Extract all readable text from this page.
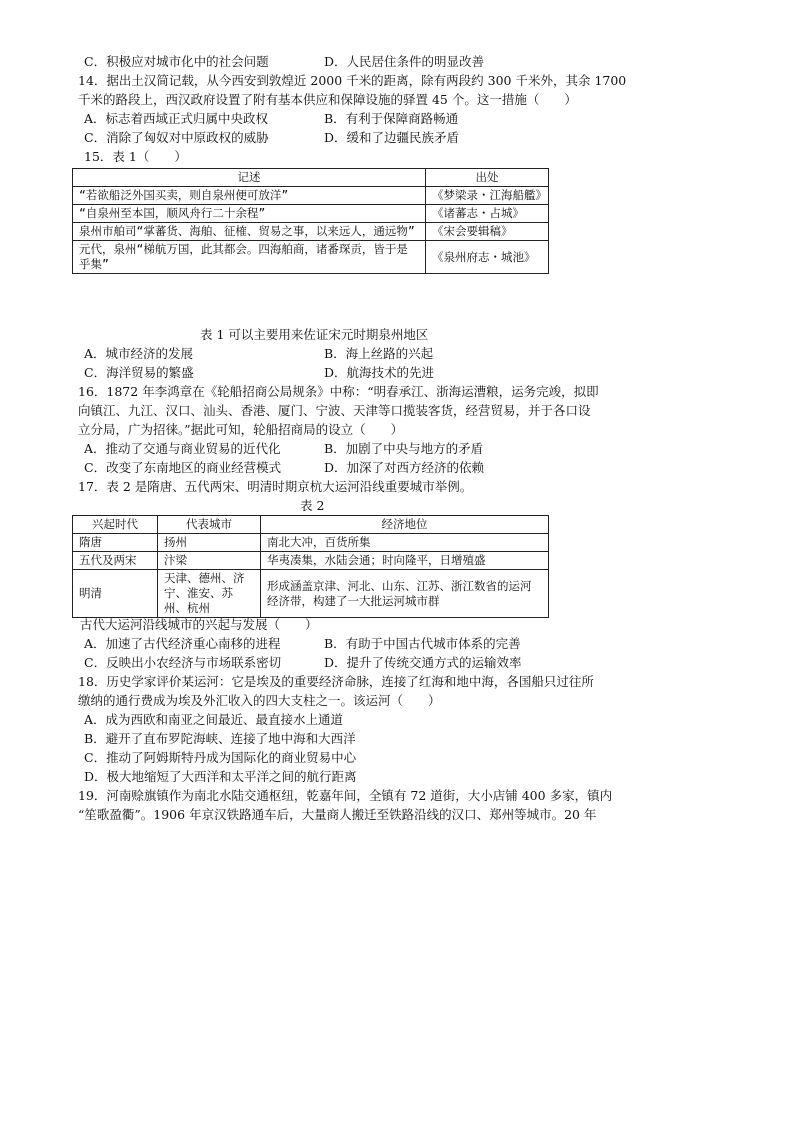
C．积极应对城市化中的社会问题	D．人民居住条件的明显改善
14．据出土汉简记载，从今西安到敦煌近 2000 千米的距离，除有两段约 300 千米外，其余 1700
千米的路段上，西汉政府设置了附有基本供应和保障设施的驿置 45 个。这一措施（　　）
A．标志着西域正式归属中央政权	B．有利于保障商路畅通
C．消除了匈奴对中原政权的威胁	D．缓和了边疆民族矛盾
15．表 1（　　）
记述	出处
“若欲船泛外国买卖，则自泉州便可放洋”	《梦梁录・江海船艦》
“自泉州至本国，顺风舟行二十余程”	《诸蕃志・占城》
泉州市舶司“掌蕃货、海舶、征榷、贸易之事，以来远人，通远物”	《宋会要辑稿》
元代，泉州“梯航万国，此其都会。四海舶商，诸番琛贡，皆于是乎集”	《泉州府志・城池》
表 1 可以主要用来佐证宋元时期泉州地区
A．城市经济的发展	B．海上丝路的兴起
C．海洋贸易的繁盛	D．航海技术的先进
16．1872 年李鸿章在《轮船招商公局规条》中称：“明春承江、浙海运漕粮，运务完竣，拟即
向镇江、九江、汉口、汕头、香港、厦门、宁波、天津等口揽装客货，经营贸易，并于各口设
立分局，广为招徕。”据此可知，轮船招商局的设立（　　）
A．推动了交通与商业贸易的近代化	B．加剧了中央与地方的矛盾
C．改变了东南地区的商业经营模式	D．加深了对西方经济的依赖
17．表 2 是隋唐、五代两宋、明清时期京杭大运河沿线重要城市举例。
表 2
兴起时代	代表城市	经济地位
隋唐	扬州	南北大冲，百货所集
五代及两宋	汴梁	华夷凑集，水陆会通；时向隆平，日增殖盛
明清	天津、德州、济宁、淮安、苏州、杭州	形成涵盖京津、河北、山东、江苏、浙江数省的运河经济带，构建了一大批运河城市群
古代大运河沿线城市的兴起与发展（　　）
A．加速了古代经济重心南移的进程	B．有助于中国古代城市体系的完善
C．反映出小农经济与市场联系密切	D．提升了传统交通方式的运输效率
18．历史学家评价某运河：它是埃及的重要经济命脉，连接了红海和地中海，各国船只过往所
缴纳的通行费成为埃及外汇收入的四大支柱之一。该运河（　　）
A．成为西欧和南亚之间最近、最直接水上通道
B．避开了直布罗陀海峡、连接了地中海和大西洋
C．推动了阿姆斯特丹成为国际化的商业贸易中心
D．极大地缩短了大西洋和太平洋之间的航行距离
19．河南赊旗镇作为南北水陆交通枢纽，乾嘉年间，全镇有 72 道街，大小店铺 400 多家，镇内
“笙歌盈衢”。1906 年京汉铁路通车后，大量商人搬迁至铁路沿线的汉口、郑州等城市。20 年
